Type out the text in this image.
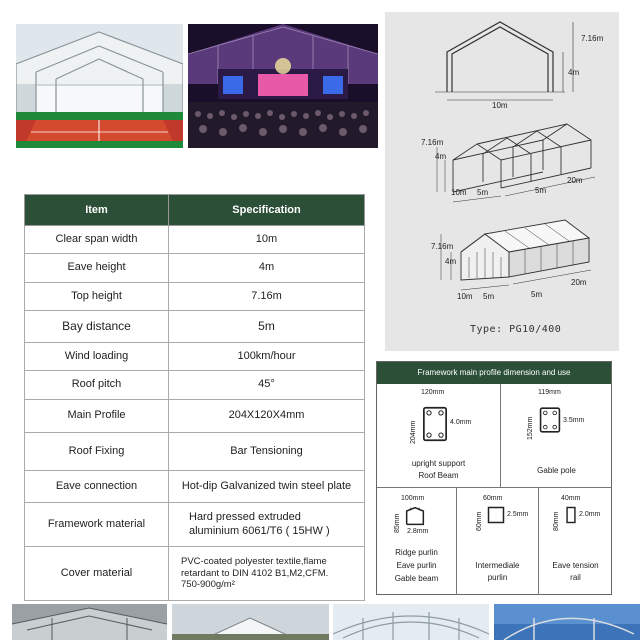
Item	Specification
Clear span width	10m
Eave height	4m
Top height	7.16m
Bay distance	5m
Wind loading	100km/hour
Roof pitch	45°
Main Profile	204X120X4mm
Roof Fixing	Bar Tensioning
Eave connection	Hot-dip Galvanized twin steel plate
Framework material	Hard pressed extruded
aluminium 6061/T6 ( 15HW )

Cover material	PVC-coated polyester textile,flame
retardant to DIN 4102 B1,M2,CFM.
750-900g/m²
7.16m
4m
10m
7.16m
4m
10m 5m	5m
20m
7.16m
4m
10m 5m	5m
20m
Type: PG10/400
Framework main profile dimension and use
120mm
204mm	4.0mm
upright support
Roof Beam
119mm
152mm	3.5mm
Gable pole
100mm
85mm 2.8mm
Ridge purlin
Eave purlin
Gable beam
60mm
60mm	2.5mm
Intermediale
purlin
40mm
80mm	2.0mm
Eave tension
rail
